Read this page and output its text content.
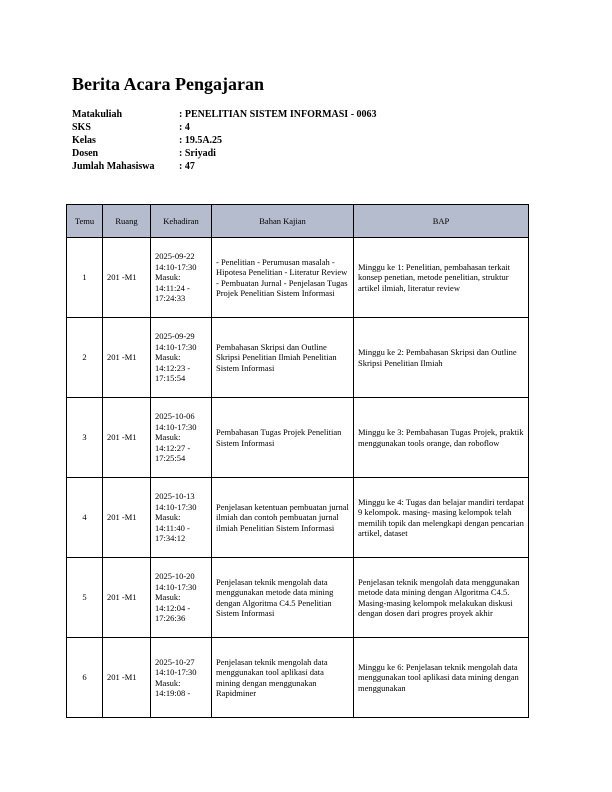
Berita Acara Pengajaran
Matakuliah	: PENELITIAN SISTEM INFORMASI - 0063
SKS	: 4
Kelas	: 19.5A.25
Dosen	: Sriyadi
Jumlah Mahasiswa	: 47
Temu	Ruang	Kehadiran	Bahan Kajian	BAP
1	201 -M1	2025-09-22
14:10-17:30
Masuk:
14:11:24 -
17:24:33	- Penelitian - Perumusan masalah - Hipotesa Penelitian - Literatur Review - Pembuatan Jurnal - Penjelasan Tugas Projek Penelitian Sistem Informasi	Minggu ke 1: Penelitian, pembahasan terkait konsep penetian, metode penelitian, struktur artikel ilmiah, literatur review
2	201 -M1	2025-09-29
14:10-17:30
Masuk:
14:12:23 -
17:15:54	Pembahasan Skripsi dan Outline Skripsi Penelitian Ilmiah Penelitian Sistem Informasi	Minggu ke 2: Pembahasan Skripsi dan Outline Skripsi Penelitian Ilmiah
3	201 -M1	2025-10-06
14:10-17:30
Masuk:
14:12:27 -
17:25:54	Pembahasan Tugas Projek Penelitian Sistem Informasi	Minggu ke 3: Pembahasan Tugas Projek, praktik menggunakan tools orange, dan roboflow
4	201 -M1	2025-10-13
14:10-17:30
Masuk:
14:11:40 -
17:34:12	Penjelasan ketentuan pembuatan jurnal ilmiah dan contoh pembuatan jurnal ilmiah Penelitian Sistem Informasi	Minggu ke 4: Tugas dan belajar mandiri terdapat 9 kelompok. masing- masing kelompok telah memilih topik dan melengkapi dengan pencarian artikel, dataset
5	201 -M1	2025-10-20
14:10-17:30
Masuk:
14:12:04 -
17:26:36	Penjelasan teknik mengolah data menggunakan metode data mining dengan Algoritma C4.5 Penelitian Sistem Informasi	Penjelasan teknik mengolah data menggunakan metode data mining dengan Algoritma C4.5. Masing-masing kelompok melakukan diskusi dengan dosen dari progres proyek akhir
6	201 -M1	2025-10-27
14:10-17:30
Masuk:
14:19:08 -	Penjelasan teknik mengolah data menggunakan tool aplikasi data mining dengan menggunakan Rapidminer	Minggu ke 6: Penjelasan teknik mengolah data menggunakan tool aplikasi data mining dengan menggunakan
